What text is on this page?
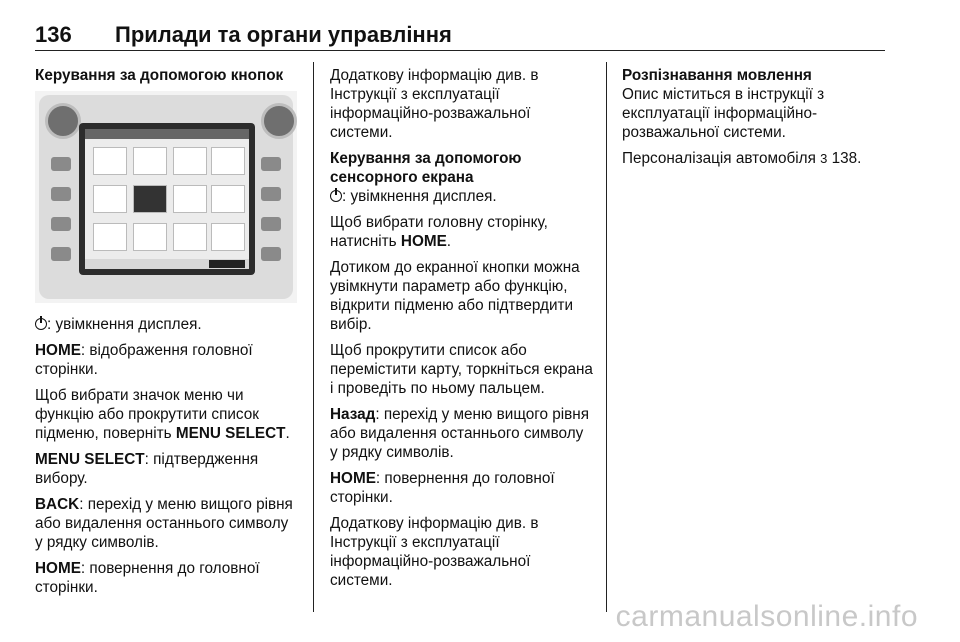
136 Прилади та органи управління
Керування за допомогою кнопок

: увімкнення дисплея.

HOME: відображення головної сторінки.

Щоб вибрати значок меню чи функцію або прокрутити список підменю, поверніть MENU SELECT.

MENU SELECT: підтвердження вибору.

BACK: перехід у меню вищого рівня або видалення останнього символу у рядку символів.

HOME: повернення до головної сторінки.

Додаткову інформацію див. в Інструкції з експлуатації інформаційно-розважальної системи.

Керування за допомогою сенсорного екрана

: увімкнення дисплея.

Щоб вибрати головну сторінку, натисніть HOME.

Дотиком до екранної кнопки можна увімкнути параметр або функцію, відкрити підменю або підтвердити вибір.

Щоб прокрутити список або перемістити карту, торкніться екрана і проведіть по ньому пальцем.

Назад: перехід у меню вищого рівня або видалення останнього символу у рядку символів.

HOME: повернення до головної сторінки.

Додаткову інформацію див. в Інструкції з експлуатації інформаційно-розважальної системи.

Розпізнавання мовлення

Опис міститься в інструкції з експлуатації інформаційно-розважальної системи.

Персоналізація автомобіля 3 138.

carmanualsonline.info
